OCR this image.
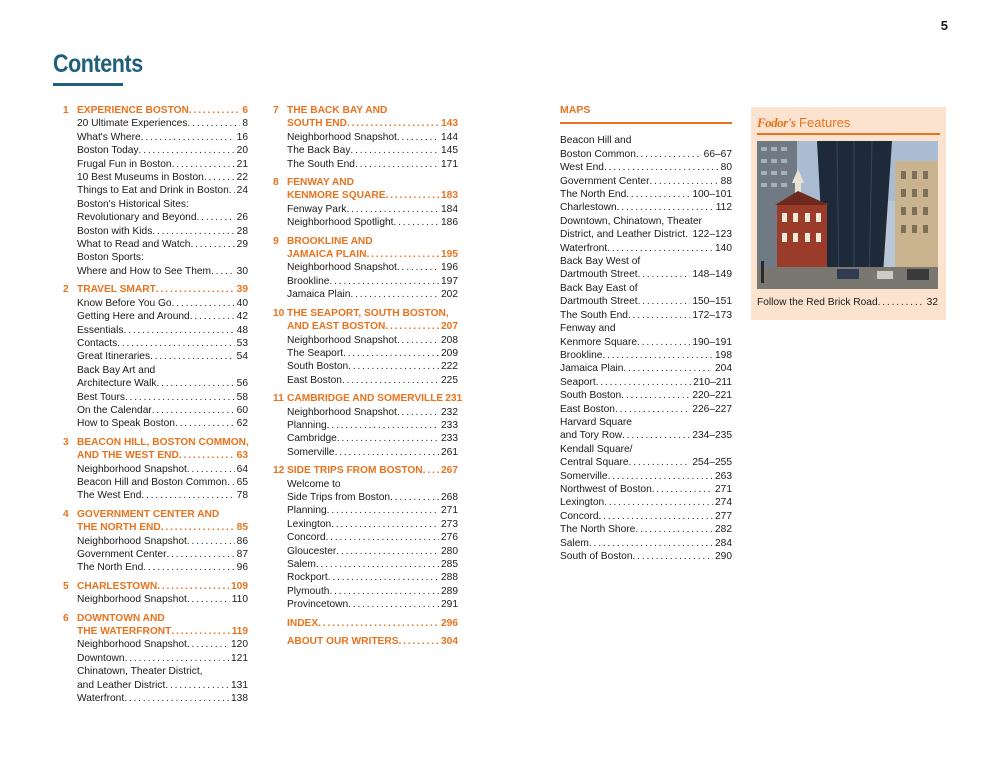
5
Contents
1 EXPERIENCE BOSTON . . .	6
20 Ultimate Experiences . . .	8
What's Where . . .	16
Boston Today . . .	20
Frugal Fun in Boston . . .	21
10 Best Museums in Boston . . .	22
Things to Eat and Drink in Boston . . . 24
Boston's Historical Sites:
Revolutionary and Beyond . . .	26
Boston with Kids . . .	28
What to Read and Watch . . .	29
Boston Sports:
Where and How to See Them . . .	30
2 TRAVEL SMART . . .	39
Know Before You Go . . .	40
Getting Here and Around . . .	42
Essentials . . .	48
Contacts . . .	53
Great Itineraries . . .	54
Back Bay Art and
Architecture Walk . . .	56
Best Tours . . .	58
On the Calendar . . .	60
How to Speak Boston . . .	62
3 BEACON HILL, BOSTON COMMON,
AND THE WEST END . . .	63
Neighborhood Snapshot . . .	64
Beacon Hill and Boston Common . . . 65
The West End . . .	78
4 GOVERNMENT CENTER AND
THE NORTH END . . .	85
Neighborhood Snapshot . . .	86
Government Center . . .	87
The North End . . .	96
5 CHARLESTOWN . . .	109
Neighborhood Snapshot . . .	110
6 DOWNTOWN AND
THE WATERFRONT . . .	119
Neighborhood Snapshot . . .	120
Downtown . . .	121
Chinatown, Theater District,
and Leather District . . .	131
Waterfront . . .	138
7 THE BACK BAY AND
SOUTH END . . .	143
Neighborhood Snapshot . . .	144
The Back Bay . . .	145
The South End . . .	171
8 FENWAY AND
KENMORE SQUARE . . .	183
Fenway Park . . .	184
Neighborhood Spotlight . . .	186
9 BROOKLINE AND
JAMAICA PLAIN . . .	195
Neighborhood Snapshot . . .	196
Brookline . . .	197
Jamaica Plain . . .	202
10 THE SEAPORT, SOUTH BOSTON,
AND EAST BOSTON . . .	207
Neighborhood Snapshot . . .	208
The Seaport . . .	209
South Boston . . .	222
East Boston . . .	225
11 CAMBRIDGE AND SOMERVILLE 231
Neighborhood Snapshot . . .	232
Planning . . .	233
Cambridge . . .	233
Somerville . . .	261
12 SIDE TRIPS FROM BOSTON . . . 267
Welcome to
Side Trips from Boston . . .	268
Planning . . .	271
Lexington . . .	273
Concord . . .	276
Gloucester . . .	280
Salem . . .	285
Rockport . . .	288
Plymouth . . .	289
Provincetown . . .	291
INDEX . . .	296
ABOUT OUR WRITERS . . .	304
MAPS
Beacon Hill and
Boston Common . . .	66–67
West End . . .	80
Government Center . . .	88
The North End . . .	100–101
Charlestown . . .	112
Downtown, Chinatown, Theater
District, and Leather District . . . 122–123
Waterfront . . .	140
Back Bay West of
Dartmouth Street . . .	148–149
Back Bay East of
Dartmouth Street . . .	150–151
The South End . . .	172–173
Fenway and
Kenmore Square . . .	190–191
Brookline . . .	198
Jamaica Plain . . .	204
Seaport . . .	210–211
South Boston . . .	220–221
East Boston . . .	226–227
Harvard Square
and Tory Row . . .	234–235
Kendall Square/
Central Square . . .	254–255
Somerville . . .	263
Northwest of Boston . . .	271
Lexington . . .	274
Concord . . .	277
The North Shore . . .	282
Salem . . .	284
South of Boston . . .	290
Fodor's Features
Follow the Red Brick Road . . .	32
